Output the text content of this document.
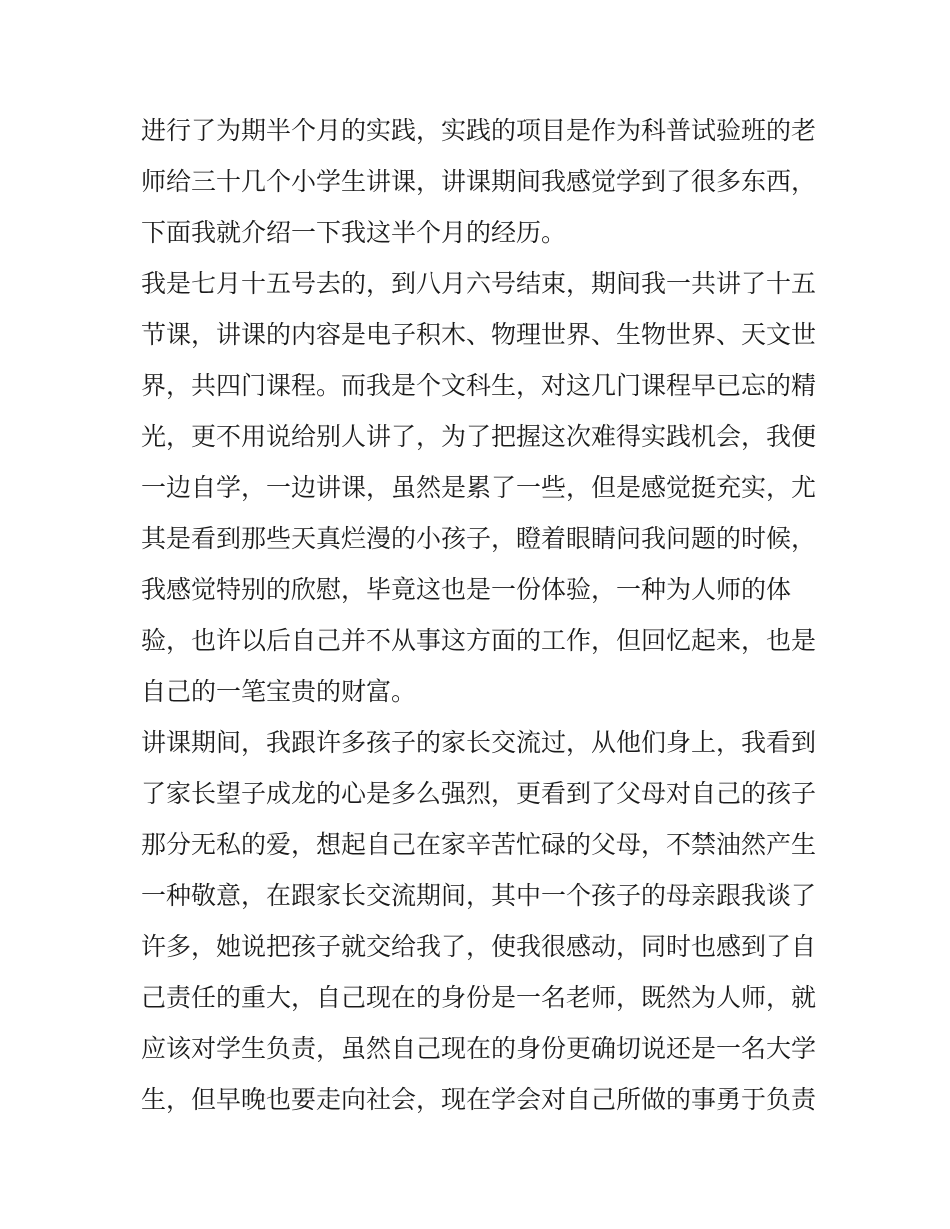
进行了为期半个月的实践，实践的项目是作为科普试验班的老
师给三十几个小学生讲课，讲课期间我感觉学到了很多东西，
下面我就介绍一下我这半个月的经历。
我是七月十五号去的，到八月六号结束，期间我一共讲了十五
节课，讲课的内容是电子积木、物理世界、生物世界、天文世
界，共四门课程。而我是个文科生，对这几门课程早已忘的精
光，更不用说给别人讲了，为了把握这次难得实践机会，我便
一边自学，一边讲课，虽然是累了一些，但是感觉挺充实，尤
其是看到那些天真烂漫的小孩子，瞪着眼睛问我问题的时候，
我感觉特别的欣慰，毕竟这也是一份体验，一种为人师的体
验，也许以后自己并不从事这方面的工作，但回忆起来，也是
自己的一笔宝贵的财富。
讲课期间，我跟许多孩子的家长交流过，从他们身上，我看到
了家长望子成龙的心是多么强烈，更看到了父母对自己的孩子
那分无私的爱，想起自己在家辛苦忙碌的父母，不禁油然产生
一种敬意，在跟家长交流期间，其中一个孩子的母亲跟我谈了
许多，她说把孩子就交给我了，使我很感动，同时也感到了自
己责任的重大，自己现在的身份是一名老师，既然为人师，就
应该对学生负责，虽然自己现在的身份更确切说还是一名大学
生，但早晚也要走向社会，现在学会对自己所做的事勇于负责
